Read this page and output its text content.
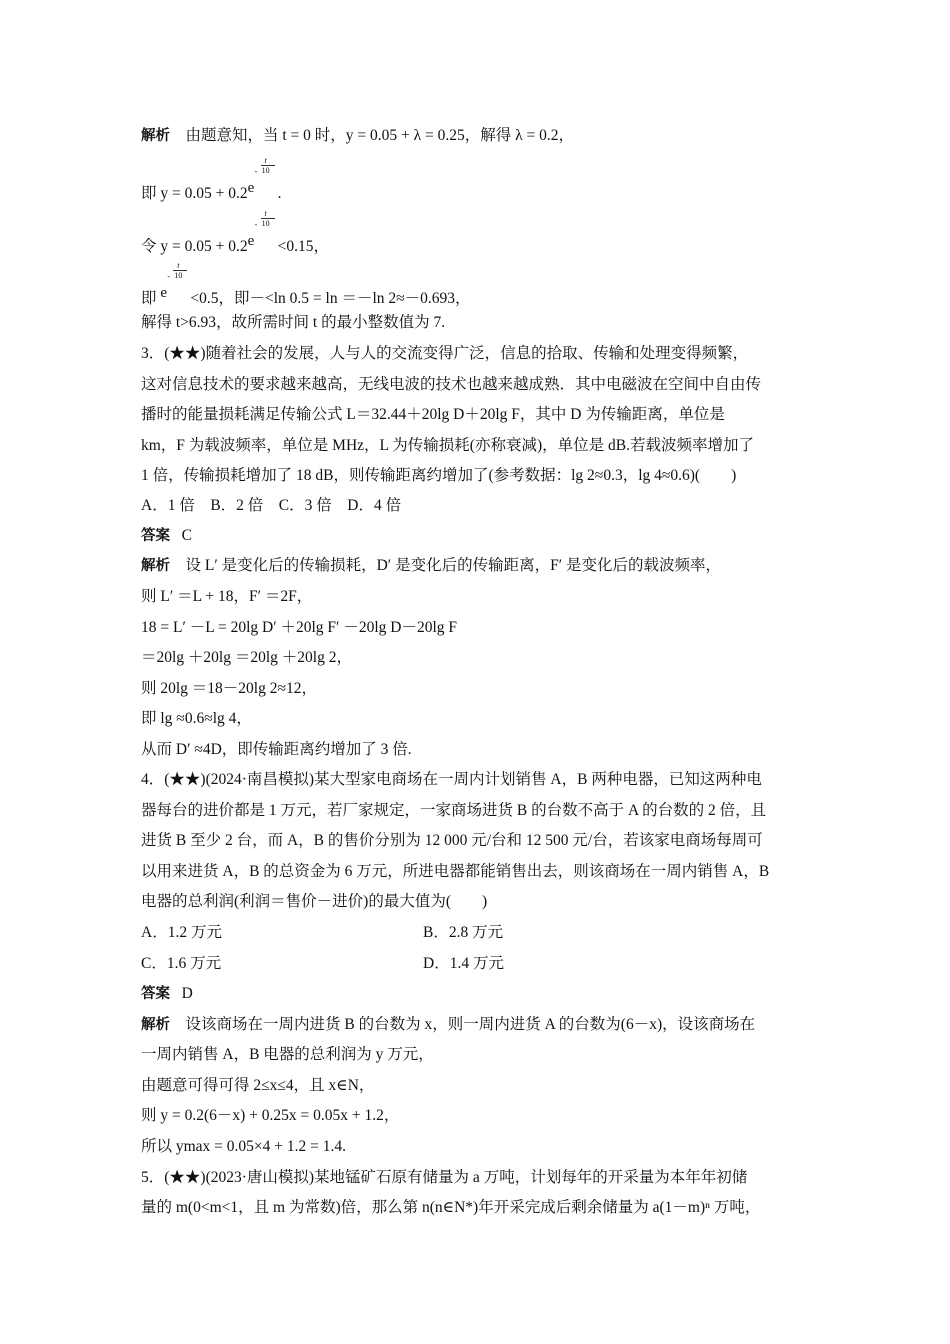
解析 由题意知，当 t = 0 时，y = 0.05 + λ = 0.25，解得 λ = 0.2，
即 y = 0.05 + 0.2 e
-
t
10
.
令 y = 0.05 + 0.2 e
-
t
10
<0.15，
即 e
-
t
10
<0.5，即－<ln 0.5 = ln ＝－ln 2≈－0.693，
解得 t>6.93，故所需时间 t 的最小整数值为 7.
3．(★★)随着社会的发展，人与人的交流变得广泛，信息的拾取、传输和处理变得频繁，
这对信息技术的要求越来越高，无线电波的技术也越来越成熟．其中电磁波在空间中自由传
播时的能量损耗满足传输公式 L＝32.44＋20lg D＋20lg F，其中 D 为传输距离，单位是
km，F 为载波频率，单位是 MHz，L 为传输损耗(亦称衰减)，单位是 dB.若载波频率增加了
1 倍，传输损耗增加了 18 dB，则传输距离约增加了(参考数据：lg 2≈0.3，lg 4≈0.6)(　　)
A．1 倍　B．2 倍　C．3 倍　D．4 倍
答案 C
解析 设 L′ 是变化后的传输损耗，D′ 是变化后的传输距离，F′ 是变化后的载波频率，
则 L′ ＝L + 18，F′ ＝2F，
18 = L′ －L = 20lg D′ ＋20lg F′ －20lg D－20lg F
＝20lg ＋20lg ＝20lg ＋20lg 2，
则 20lg ＝18－20lg 2≈12，
即 lg ≈0.6≈lg 4，
从而 D′ ≈4D，即传输距离约增加了 3 倍.
4．(★★)(2024·南昌模拟)某大型家电商场在一周内计划销售 A，B 两种电器，已知这两种电
器每台的进价都是 1 万元，若厂家规定，一家商场进货 B 的台数不高于 A 的台数的 2 倍，且
进货 B 至少 2 台，而 A，B 的售价分别为 12 000 元/台和 12 500 元/台，若该家电商场每周可
以用来进货 A，B 的总资金为 6 万元，所进电器都能销售出去，则该商场在一周内销售 A，B
电器的总利润(利润＝售价－进价)的最大值为(　　)
A．1.2 万元	B．2.8 万元
C．1.6 万元	D．1.4 万元
答案 D
解析 设该商场在一周内进货 B 的台数为 x，则一周内进货 A 的台数为(6－x)，设该商场在
一周内销售 A，B 电器的总利润为 y 万元，
由题意可得可得 2≤x≤4，且 x∈N，
则 y = 0.2(6－x) + 0.25x = 0.05x + 1.2，
所以 ymax = 0.05×4 + 1.2 = 1.4.
5．(★★)(2023·唐山模拟)某地锰矿石原有储量为 a 万吨，计划每年的开采量为本年年初储
量的 m(0<m<1，且 m 为常数)倍，那么第 n(n∈N*)年开采完成后剩余储量为 a(1－m)ⁿ 万吨，
